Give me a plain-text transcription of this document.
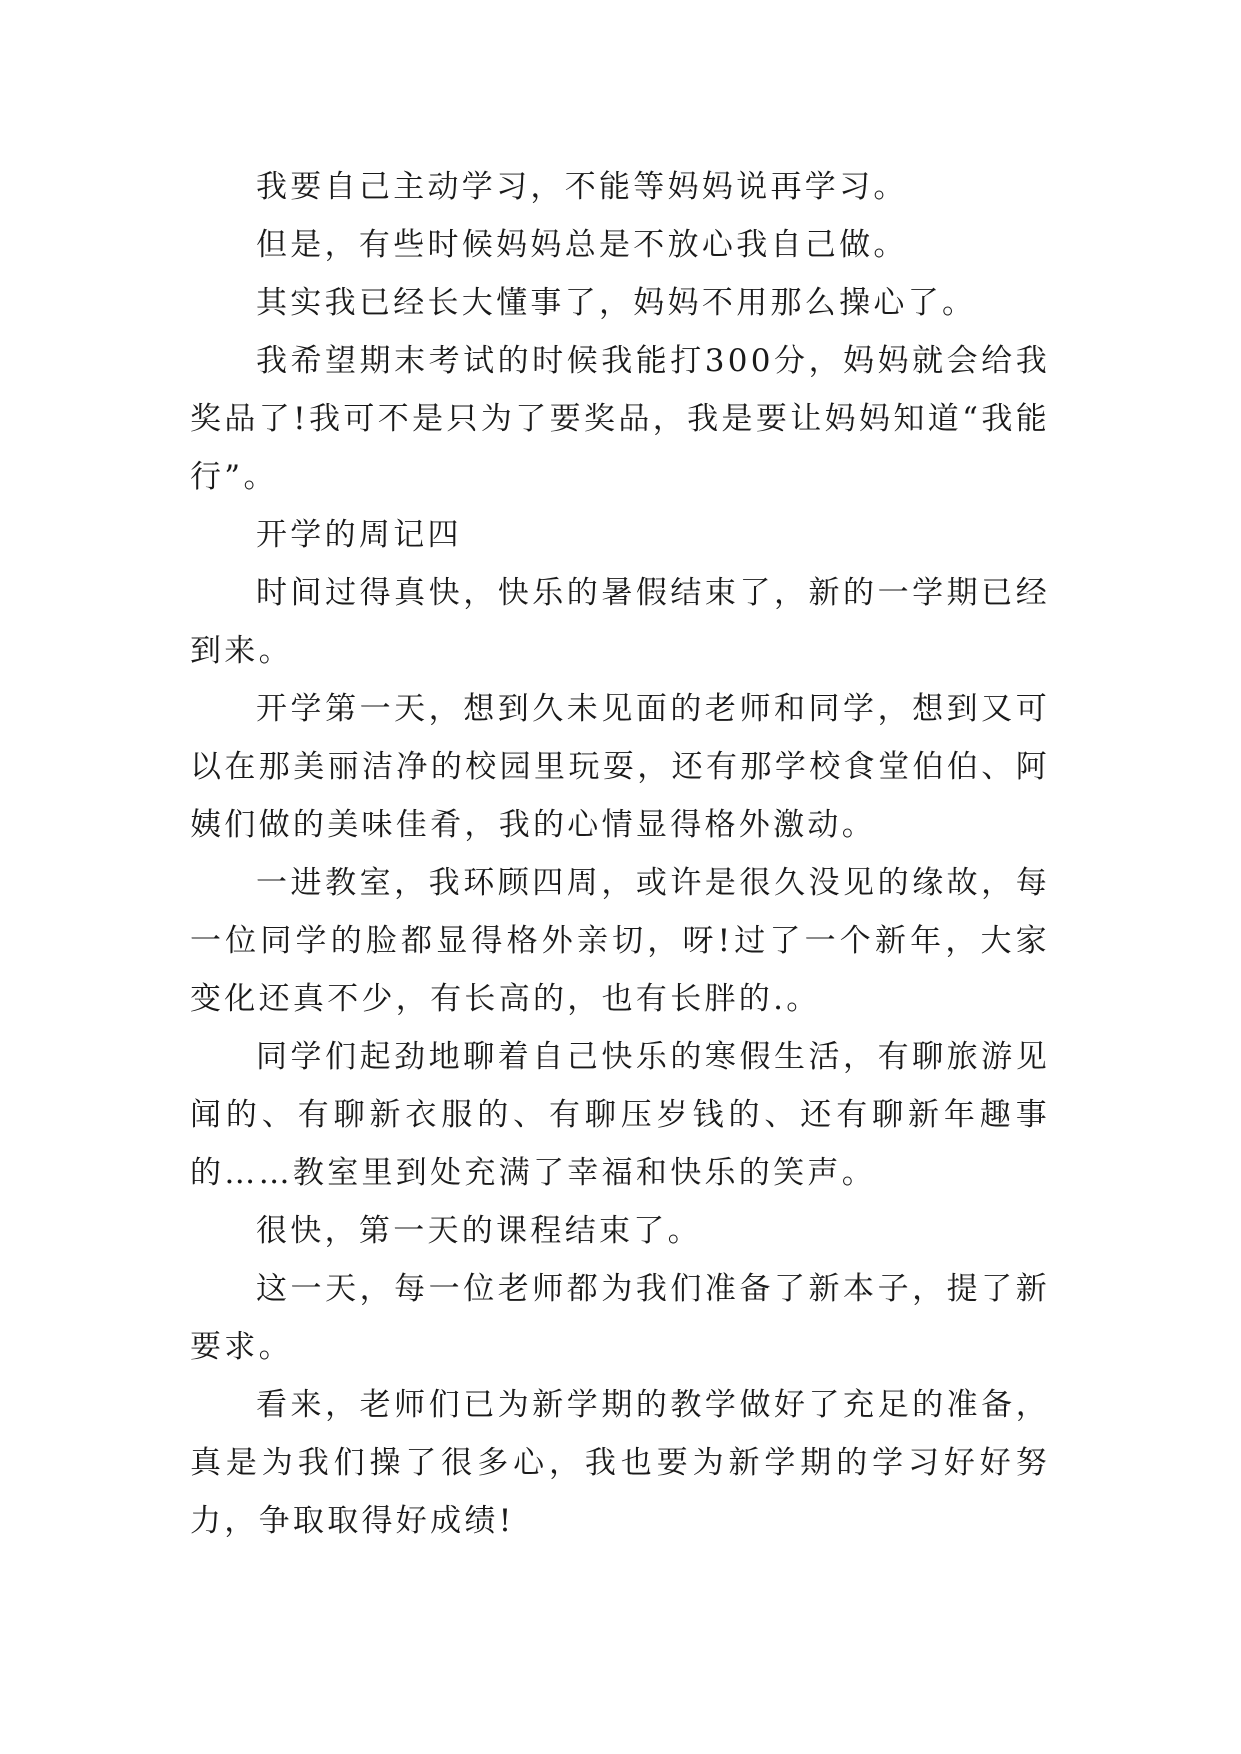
我要自己主动学习，不能等妈妈说再学习。

但是，有些时候妈妈总是不放心我自己做。

其实我已经长大懂事了，妈妈不用那么操心了。

我希望期末考试的时候我能打300分，妈妈就会给我奖品了!我可不是只为了要奖品，我是要让妈妈知道“我能行”。

开学的周记四

时间过得真快，快乐的暑假结束了，新的一学期已经到来。

开学第一天，想到久未见面的老师和同学，想到又可以在那美丽洁净的校园里玩耍，还有那学校食堂伯伯、阿姨们做的美味佳肴，我的心情显得格外激动。

一进教室，我环顾四周，或许是很久没见的缘故，每一位同学的脸都显得格外亲切，呀!过了一个新年，大家变化还真不少，有长高的，也有长胖的.。

同学们起劲地聊着自己快乐的寒假生活，有聊旅游见闻的、有聊新衣服的、有聊压岁钱的、还有聊新年趣事的……教室里到处充满了幸福和快乐的笑声。

很快，第一天的课程结束了。

这一天，每一位老师都为我们准备了新本子，提了新要求。

看来，老师们已为新学期的教学做好了充足的准备，真是为我们操了很多心，我也要为新学期的学习好好努力，争取取得好成绩!
